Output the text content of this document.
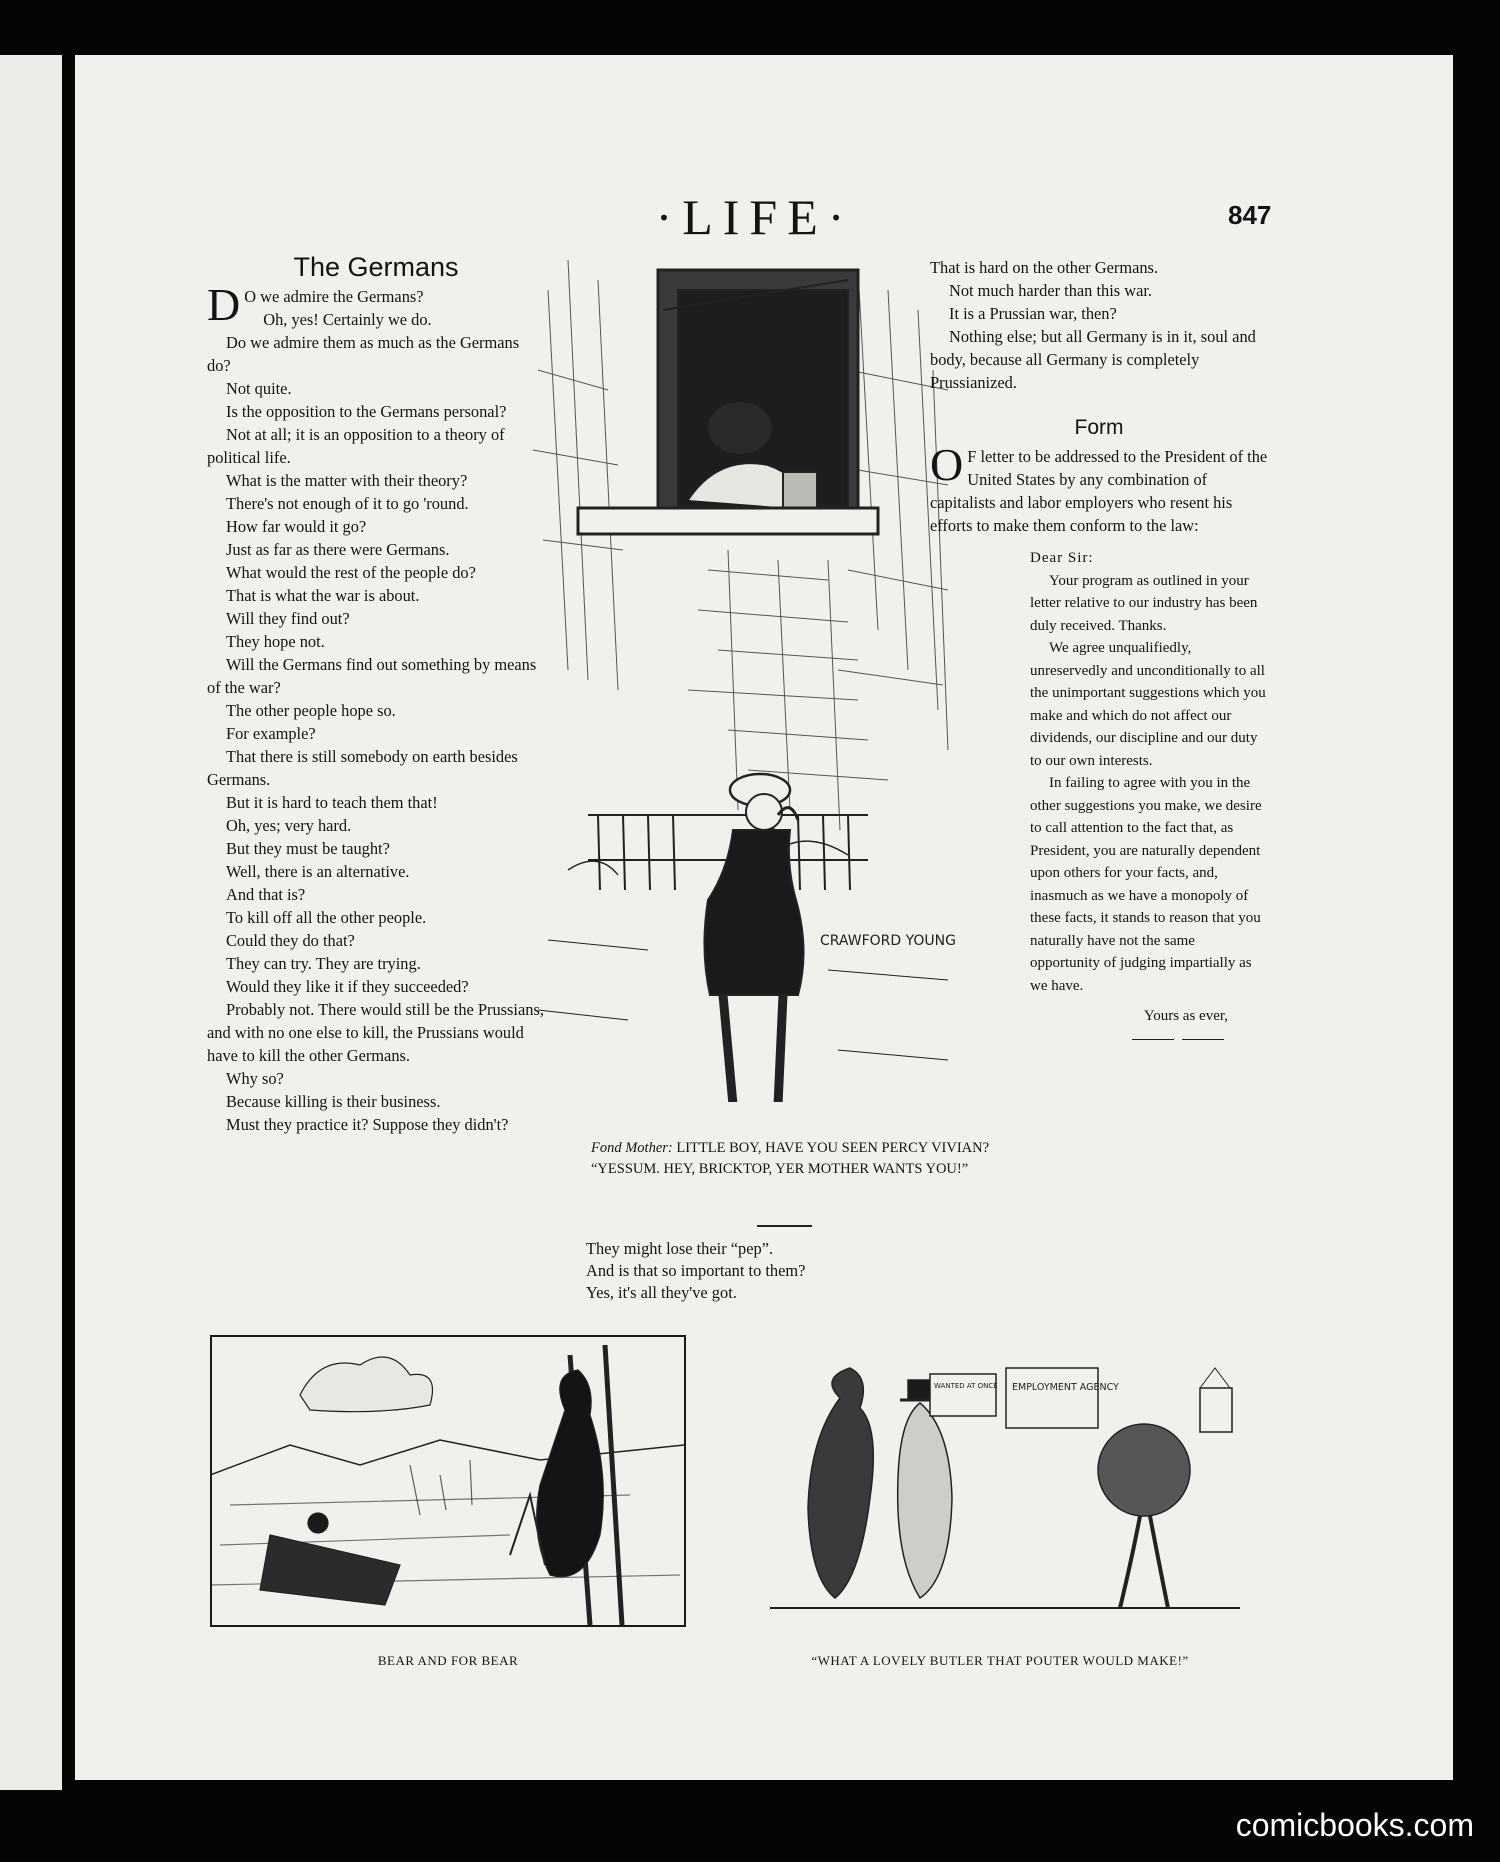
·LIFE·	847
The Germans

D O we admire the Germans?

Oh, yes! Certainly we do.

Do we admire them as much as the Germans do?

Not quite.

Is the opposition to the Germans personal?

Not at all; it is an opposition to a theory of political life.

What is the matter with their theory?

There's not enough of it to go 'round.

How far would it go?

Just as far as there were Germans.

What would the rest of the people do?

That is what the war is about.

Will they find out?

They hope not.

Will the Germans find out something by means of the war?

The other people hope so.

For example?

That there is still somebody on earth besides Germans.

But it is hard to teach them that!

Oh, yes; very hard.

But they must be taught?

Well, there is an alternative.

And that is?

To kill off all the other people.

Could they do that?

They can try. They are trying.

Would they like it if they succeeded?

Probably not. There would still be the Prussians, and with no one else to kill, the Prussians would have to kill the other Germans.

Why so?

Because killing is their business.

Must they practice it? Suppose they didn't?

CRAWFORD YOUNG

Fond Mother: LITTLE BOY, HAVE YOU SEEN PERCY VIVIAN?

“YESSUM. HEY, BRICKTOP, YER MOTHER WANTS YOU!”

They might lose their “pep”.

And is that so important to them?

Yes, it's all they've got.

That is hard on the other Germans.

Not much harder than this war.

It is a Prussian war, then?

Nothing else; but all Germany is in it, soul and body, because all Germany is completely Prussianized.

Form

O F letter to be addressed to the President of the United States by any combination of capitalists and labor employers who resent his efforts to make them conform to the law:

Dear Sir:

Your program as outlined in your letter relative to our industry has been duly received. Thanks.

We agree unqualifiedly, unreservedly and unconditionally to all the unimportant suggestions which you make and which do not affect our dividends, our discipline and our duty to our own interests.

In failing to agree with you in the other suggestions you make, we desire to call attention to the fact that, as President, you are naturally dependent upon others for your facts, and, inasmuch as we have a monopoly of these facts, it stands to reason that you naturally have not the same opportunity of judging impartially as we have.

Yours as ever,

BEAR AND FOR BEAR
EMPLOYMENT AGENCY
WANTED AT ONCE
“WHAT A LOVELY BUTLER THAT POUTER WOULD MAKE!”
comicbooks.com
